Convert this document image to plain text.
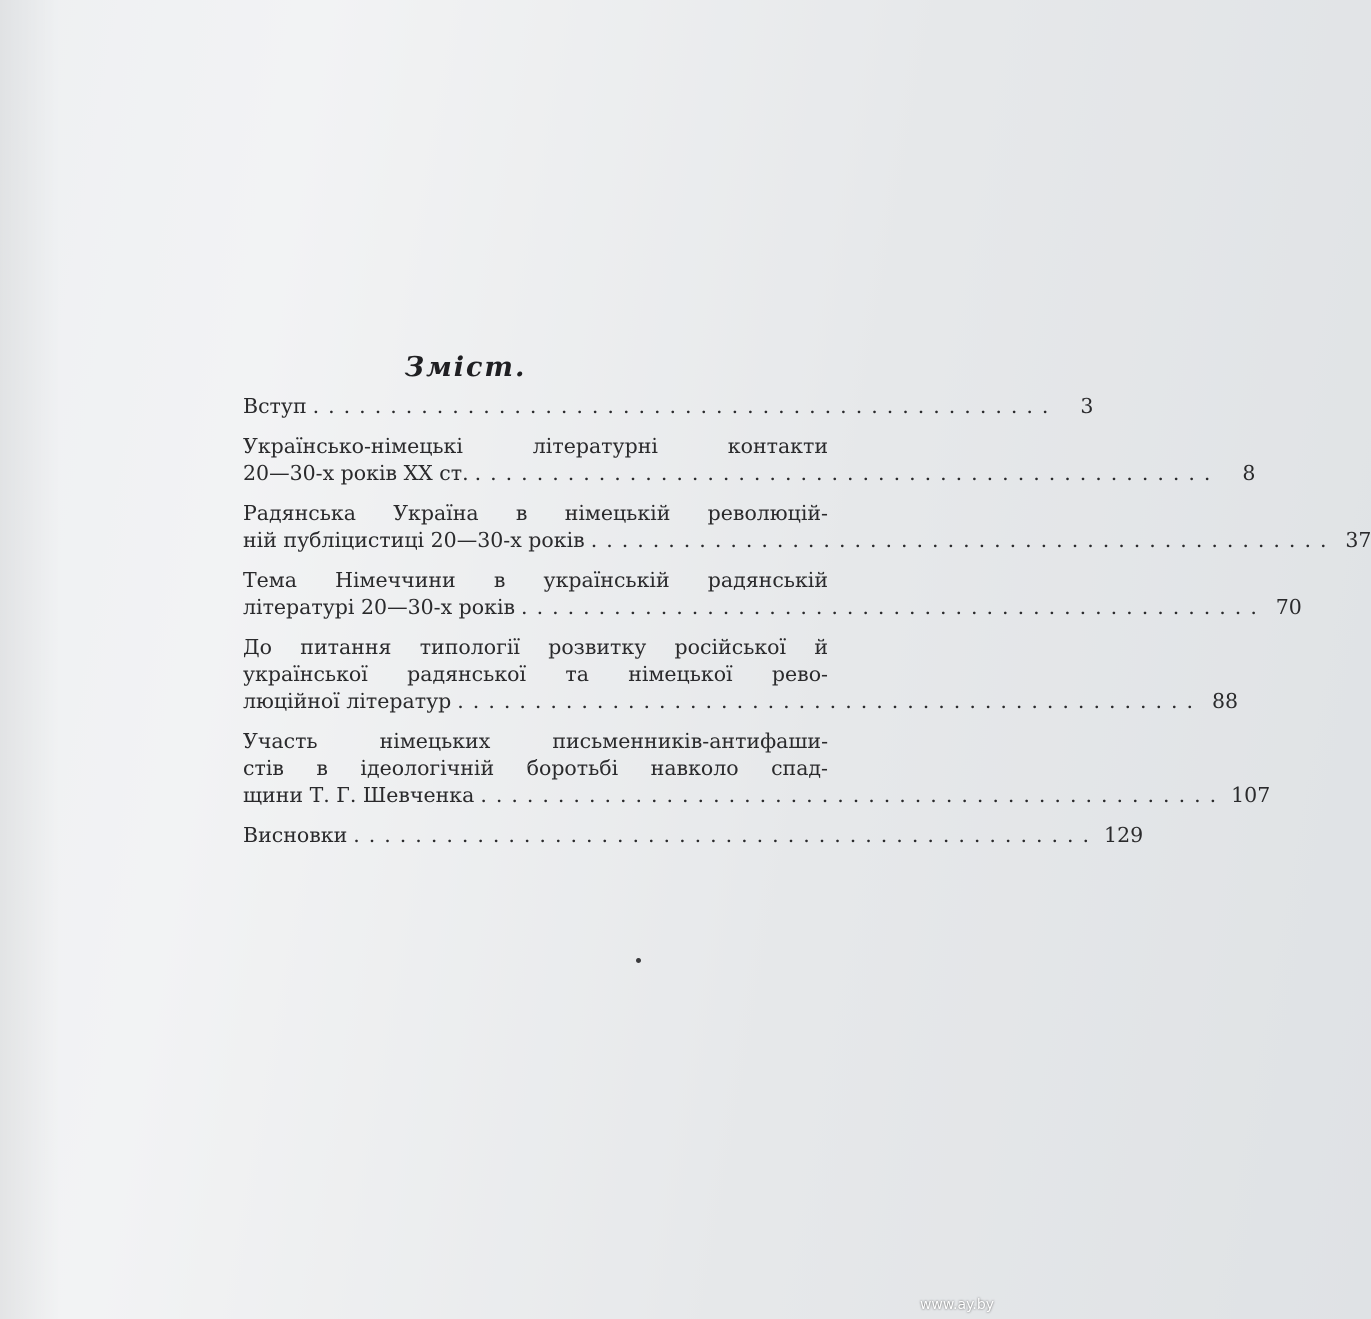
Зміст.
Вступ ................................................	3
Українсько-німецькі літературні контакти
20—30-х років XX ст. ................................................	8
Радянська Україна в німецькій революцій-
ній публіцистиці 20—30-х років ................................................ 37
Тема Німеччини в українській радянській
літературі 20—30-х років ................................................ 70
До питання типології розвитку російської й
української радянської та німецької рево-
люційної літератур ................................................ 88
Участь німецьких письменників-антифаши-
стів в ідеологічній боротьбі навколо спад-
щини Т. Г. Шевченка ................................................ 107
Висновки ................................................ 129
www.ay.by
